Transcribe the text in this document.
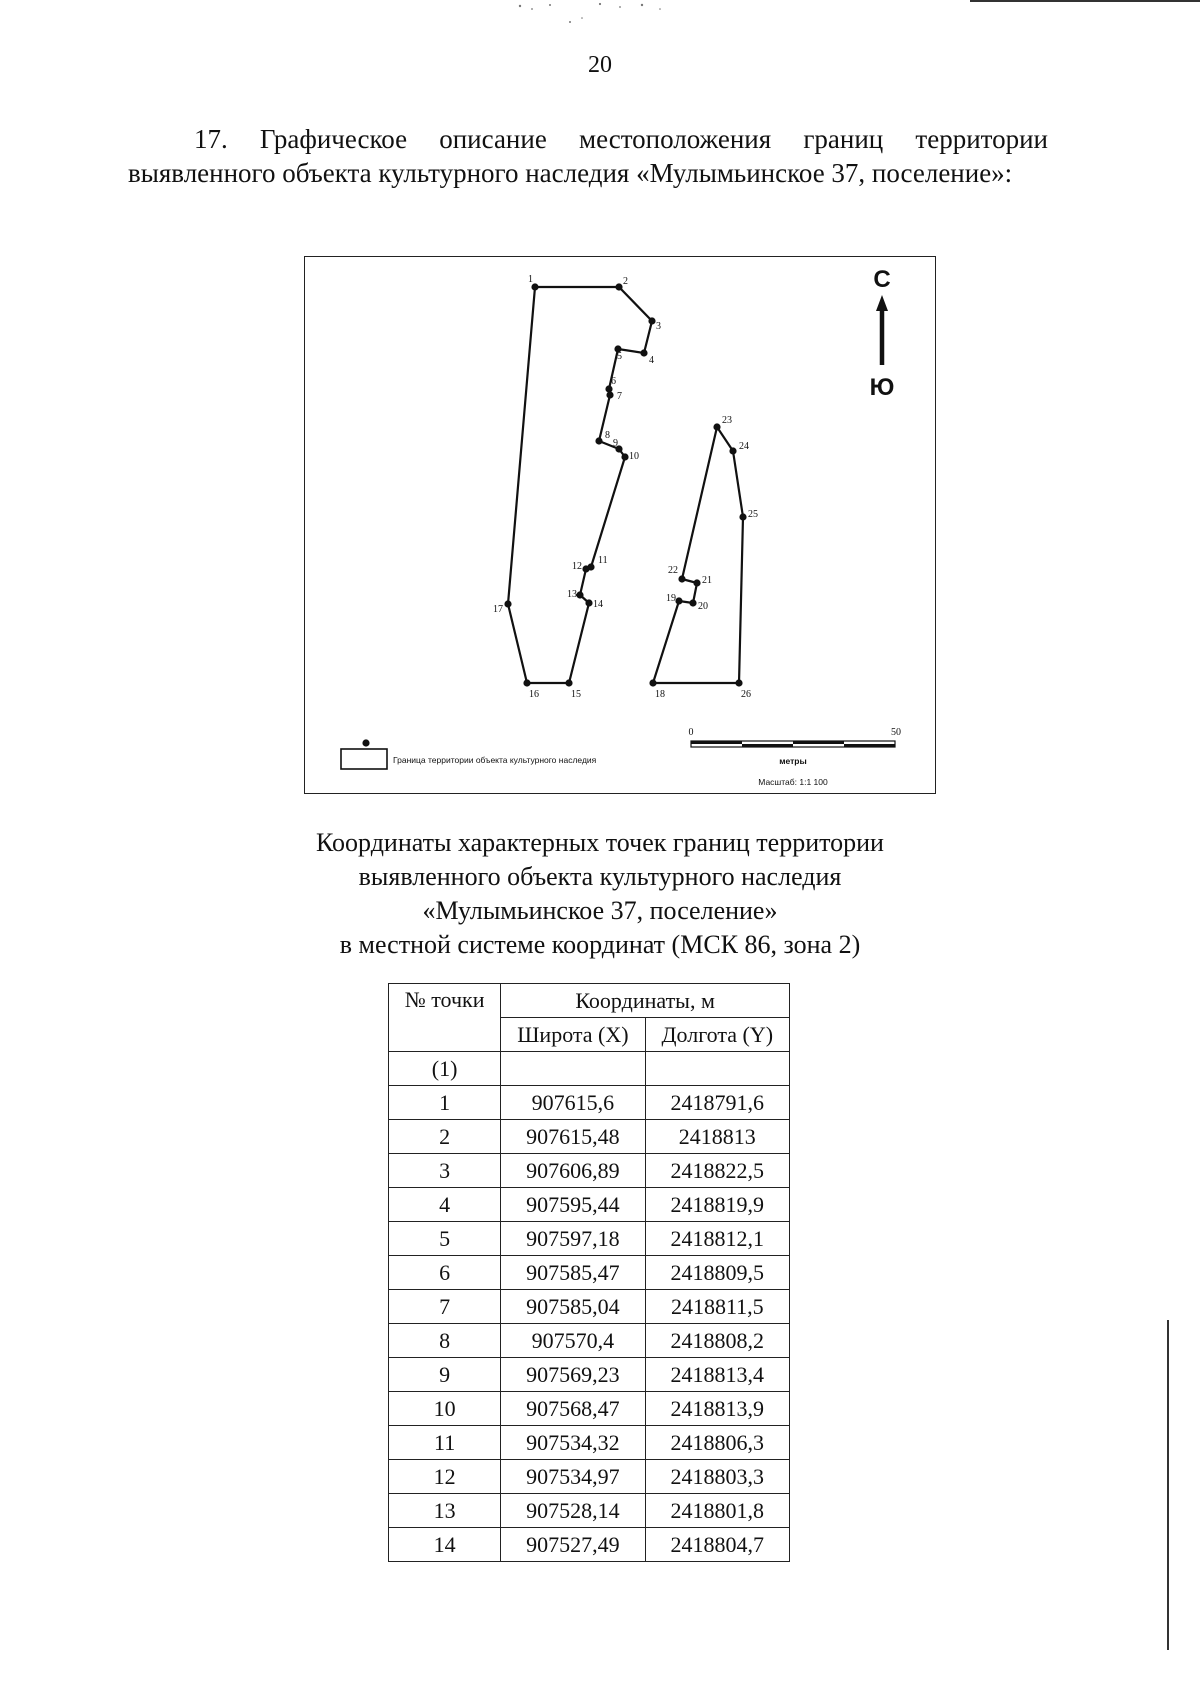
20

17. Графическое описание местоположения границ территории выявленного объекта культурного наследия «Мулымьинское 37, поселение»:

1	2
3
4
5
6
7
8
9
10
11
12
13
14
15
16
17
18
19
20
21
22
23
24
25
26
С
Ю
Граница территории объекта культурного наследия
0	50
метры
Масштаб: 1:1 100

Координаты характерных точек границ территории
выявленного объекта культурного наследия
«Мулымьинское 37, поселение»
в местной системе координат (МСК 86, зона 2)

№ точки	Координаты, м	
	Широта (X)	Долгота (Y)
(1)		
1	907615,6	2418791,6
2	907615,48	2418813
3	907606,89	2418822,5
4	907595,44	2418819,9
5	907597,18	2418812,1
6	907585,47	2418809,5
7	907585,04	2418811,5
8	907570,4	2418808,2
9	907569,23	2418813,4
10	907568,47	2418813,9
11	907534,32	2418806,3
12	907534,97	2418803,3
13	907528,14	2418801,8
14	907527,49	2418804,7
